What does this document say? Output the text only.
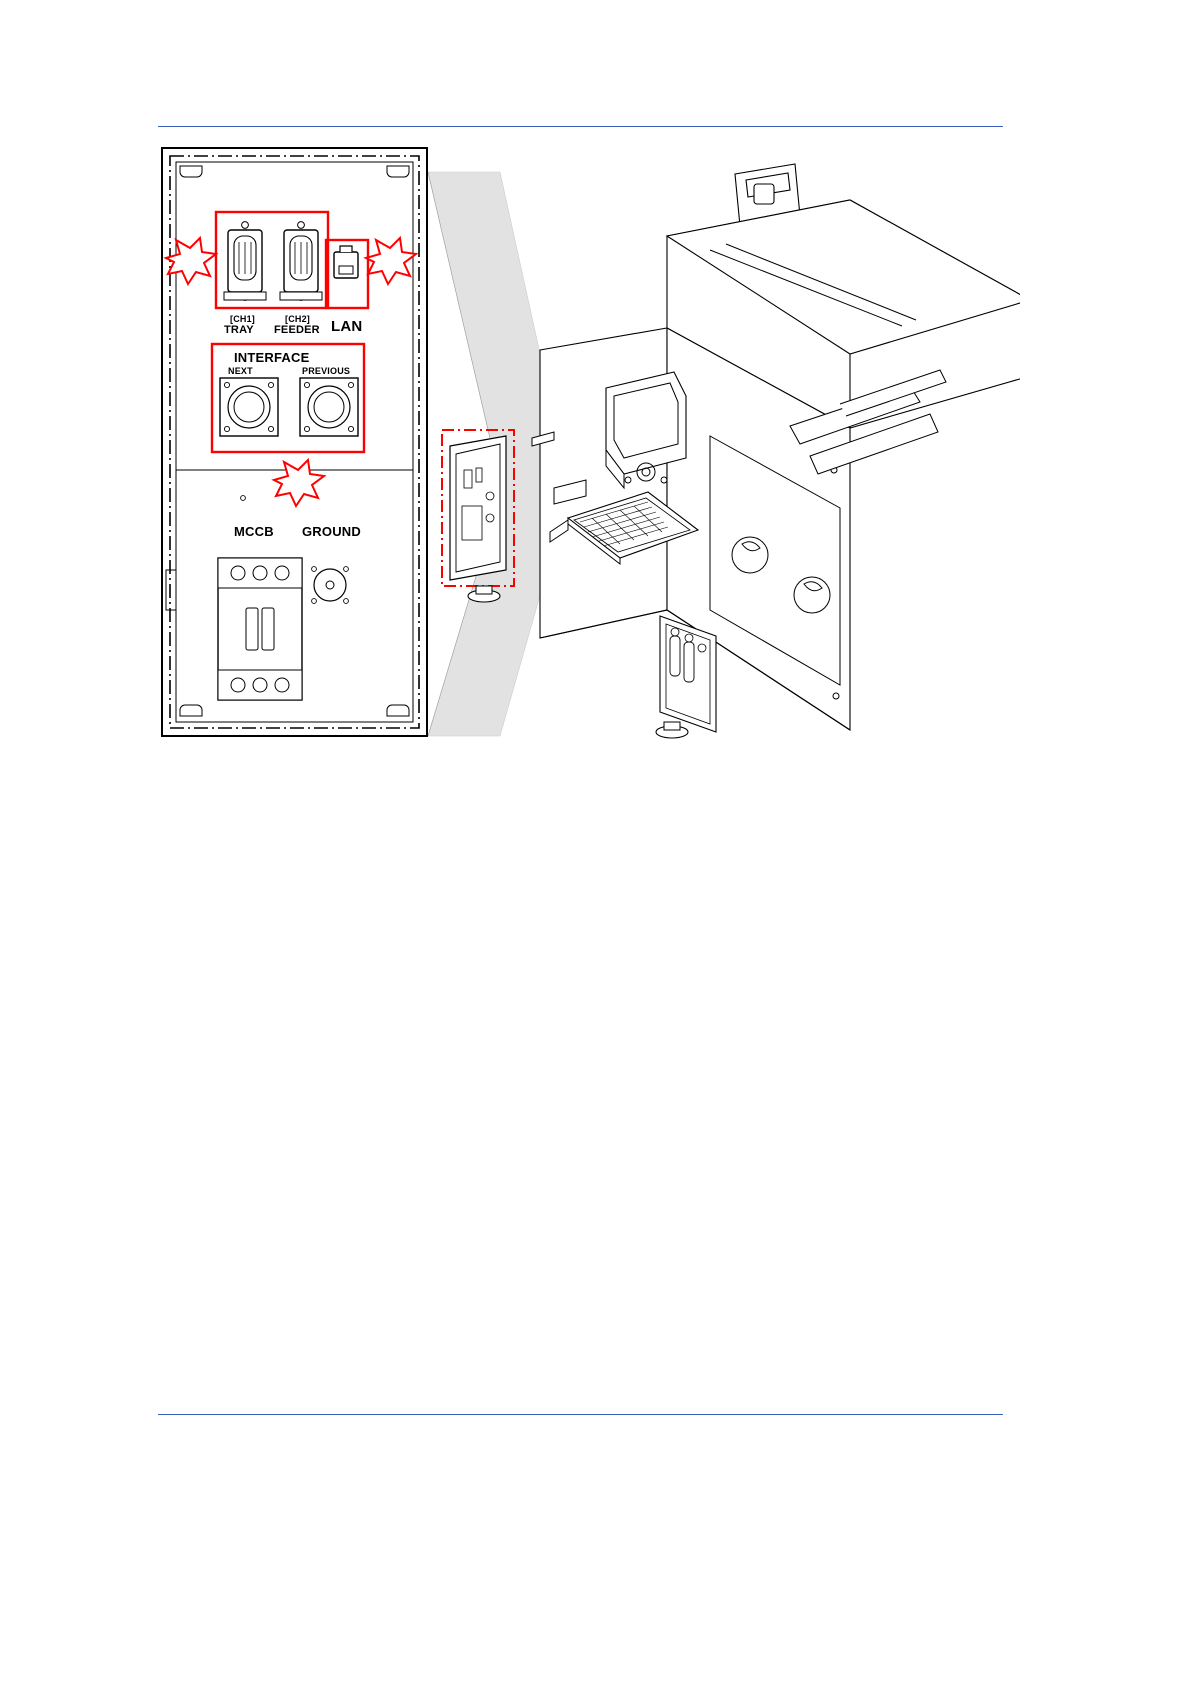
[CH1]
TRAY
[CH2]
FEEDER LAN
INTERFACE
NEXT	PREVIOUS
MCCB GROUND
